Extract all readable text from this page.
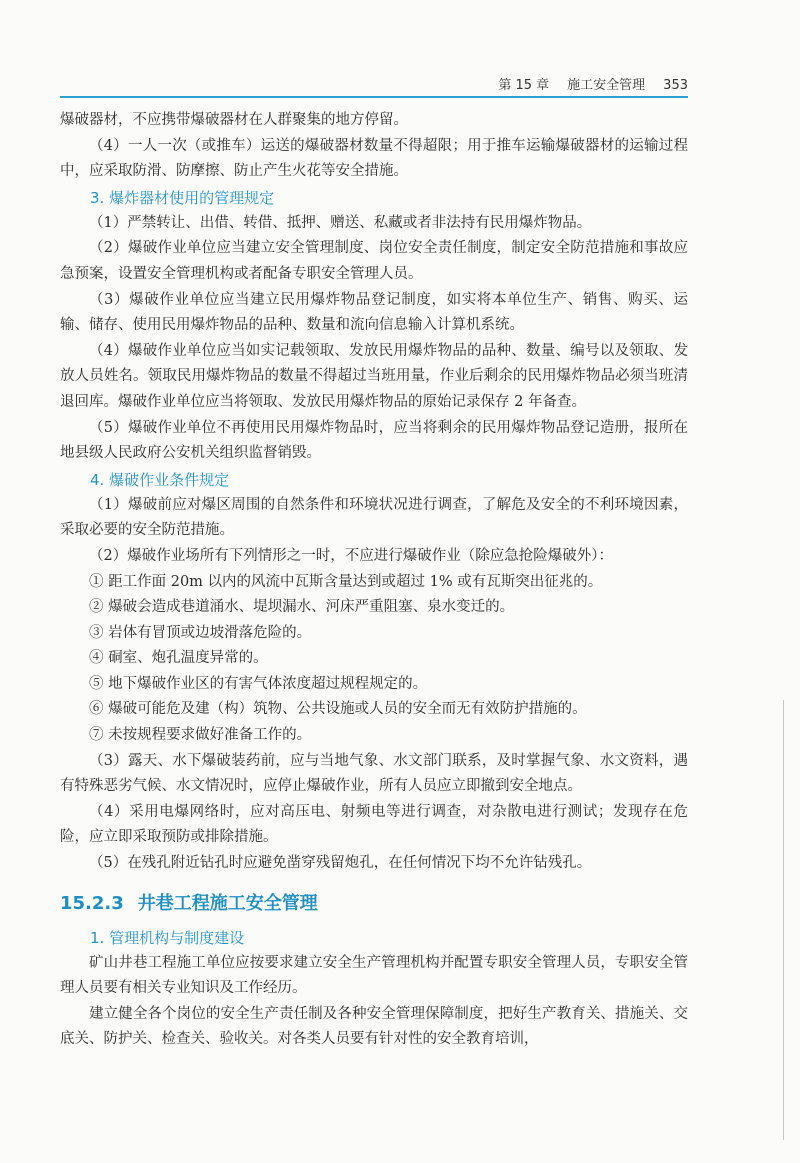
第 15 章 施工安全管理 353

爆破器材，不应携带爆破器材在人群聚集的地方停留。

（4）一人一次（或推车）运送的爆破器材数量不得超限；用于推车运输爆破器材的运输过程中，应采取防滑、防摩擦、防止产生火花等安全措施。

3. 爆炸器材使用的管理规定

（1）严禁转让、出借、转借、抵押、赠送、私藏或者非法持有民用爆炸物品。

（2）爆破作业单位应当建立安全管理制度、岗位安全责任制度，制定安全防范措施和事故应急预案，设置安全管理机构或者配备专职安全管理人员。

（3）爆破作业单位应当建立民用爆炸物品登记制度，如实将本单位生产、销售、购买、运输、储存、使用民用爆炸物品的品种、数量和流向信息输入计算机系统。

（4）爆破作业单位应当如实记载领取、发放民用爆炸物品的品种、数量、编号以及领取、发放人员姓名。领取民用爆炸物品的数量不得超过当班用量，作业后剩余的民用爆炸物品必须当班清退回库。爆破作业单位应当将领取、发放民用爆炸物品的原始记录保存 2 年备查。

（5）爆破作业单位不再使用民用爆炸物品时，应当将剩余的民用爆炸物品登记造册，报所在地县级人民政府公安机关组织监督销毁。

4. 爆破作业条件规定

（1）爆破前应对爆区周围的自然条件和环境状况进行调查，了解危及安全的不利环境因素，采取必要的安全防范措施。

（2）爆破作业场所有下列情形之一时，不应进行爆破作业（除应急抢险爆破外）：

① 距工作面 20m 以内的风流中瓦斯含量达到或超过 1% 或有瓦斯突出征兆的。

② 爆破会造成巷道涌水、堤坝漏水、河床严重阻塞、泉水变迁的。

③ 岩体有冒顶或边坡滑落危险的。

④ 硐室、炮孔温度异常的。

⑤ 地下爆破作业区的有害气体浓度超过规程规定的。

⑥ 爆破可能危及建（构）筑物、公共设施或人员的安全而无有效防护措施的。

⑦ 未按规程要求做好准备工作的。

（3）露天、水下爆破装药前，应与当地气象、水文部门联系，及时掌握气象、水文资料，遇有特殊恶劣气候、水文情况时，应停止爆破作业，所有人员应立即撤到安全地点。

（4）采用电爆网络时，应对高压电、射频电等进行调查，对杂散电进行测试；发现存在危险，应立即采取预防或排除措施。

（5）在残孔附近钻孔时应避免凿穿残留炮孔，在任何情况下均不允许钻残孔。

15.2.3 井巷工程施工安全管理
1. 管理机构与制度建设

矿山井巷工程施工单位应按要求建立安全生产管理机构并配置专职安全管理人员，专职安全管理人员要有相关专业知识及工作经历。

建立健全各个岗位的安全生产责任制及各种安全管理保障制度，把好生产教育关、措施关、交底关、防护关、检查关、验收关。对各类人员要有针对性的安全教育培训，
